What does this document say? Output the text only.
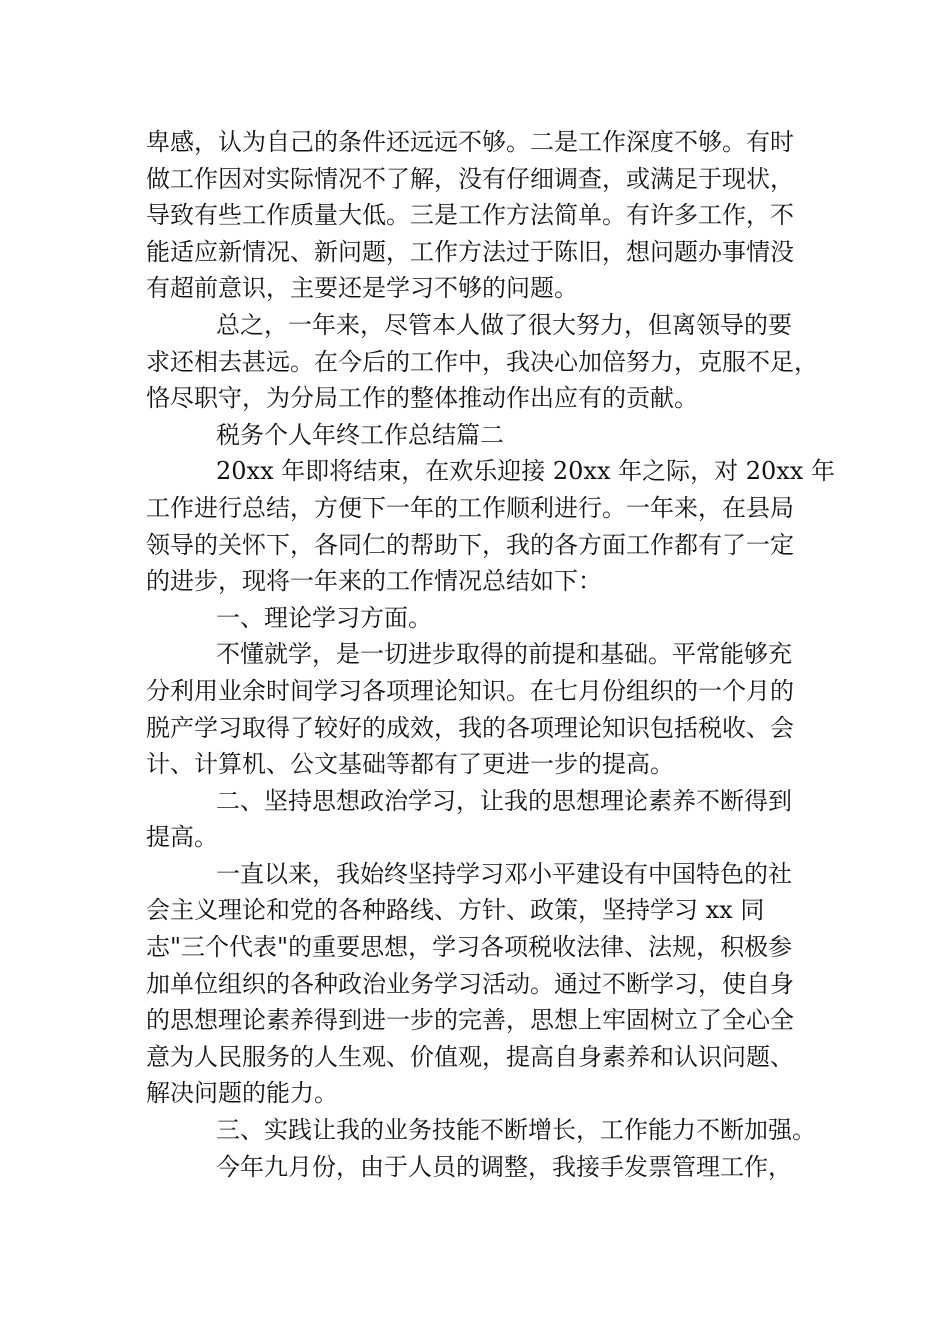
卑感，认为自己的条件还远远不够。二是工作深度不够。有时
做工作因对实际情况不了解，没有仔细调查，或满足于现状，
导致有些工作质量大低。三是工作方法简单。有许多工作，不
能适应新情况、新问题，工作方法过于陈旧，想问题办事情没
有超前意识，主要还是学习不够的问题。
总之，一年来，尽管本人做了很大努力，但离领导的要
求还相去甚远。在今后的工作中，我决心加倍努力，克服不足，
恪尽职守，为分局工作的整体推动作出应有的贡献。
税务个人年终工作总结篇二
20xx 年即将结束，在欢乐迎接 20xx 年之际，对 20xx 年
工作进行总结，方便下一年的工作顺利进行。一年来，在县局
领导的关怀下，各同仁的帮助下，我的各方面工作都有了一定
的进步，现将一年来的工作情况总结如下：
一、理论学习方面。
不懂就学，是一切进步取得的前提和基础。平常能够充
分利用业余时间学习各项理论知识。在七月份组织的一个月的
脱产学习取得了较好的成效，我的各项理论知识包括税收、会
计、计算机、公文基础等都有了更进一步的提高。
二、坚持思想政治学习，让我的思想理论素养不断得到
提高。
一直以来，我始终坚持学习邓小平建设有中国特色的社
会主义理论和党的各种路线、方针、政策，坚持学习 xx 同
志"三个代表"的重要思想，学习各项税收法律、法规，积极参
加单位组织的各种政治业务学习活动。通过不断学习，使自身
的思想理论素养得到进一步的完善，思想上牢固树立了全心全
意为人民服务的人生观、价值观，提高自身素养和认识问题、
解决问题的能力。
三、实践让我的业务技能不断增长，工作能力不断加强。
今年九月份，由于人员的调整，我接手发票管理工作，
